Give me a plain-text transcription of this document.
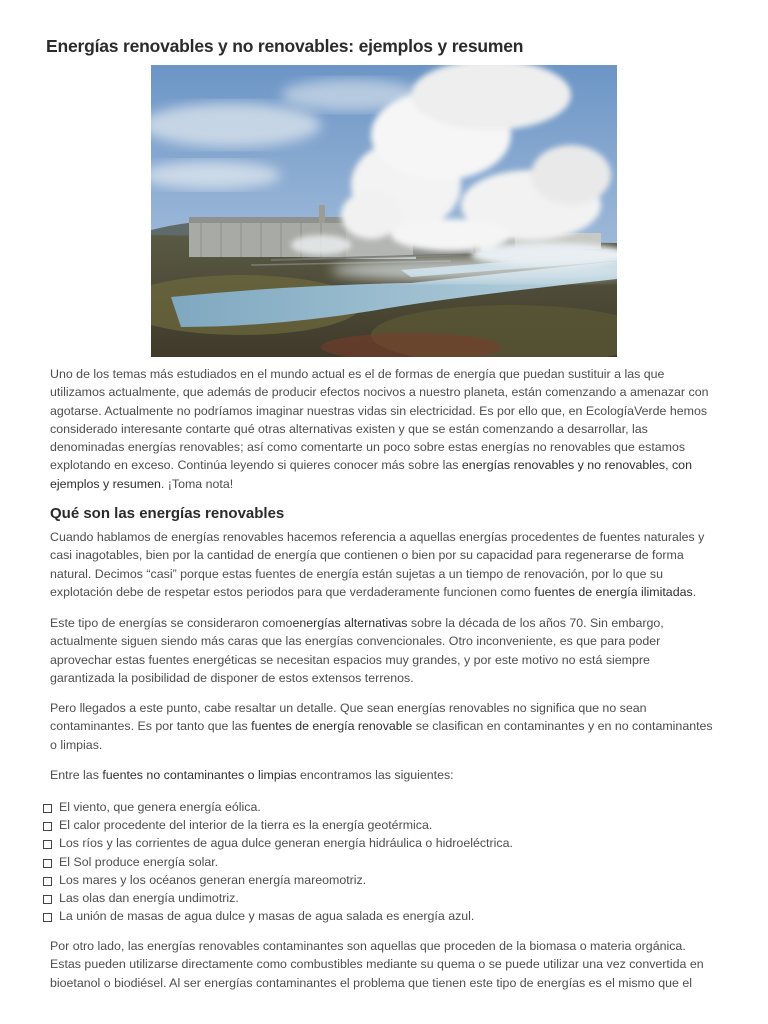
Energías renovables y no renovables: ejemplos y resumen

Uno de los temas más estudiados en el mundo actual es el de formas de energía que puedan sustituir a las que utilizamos actualmente, que además de producir efectos nocivos a nuestro planeta, están comenzando a amenazar con agotarse. Actualmente no podríamos imaginar nuestras vidas sin electricidad. Es por ello que, en EcologíaVerde hemos considerado interesante contarte qué otras alternativas existen y que se están comenzando a desarrollar, las denominadas energías renovables; así como comentarte un poco sobre estas energías no renovables que estamos explotando en exceso. Continúa leyendo si quieres conocer más sobre las energías renovables y no renovables, con ejemplos y resumen. ¡Toma nota!

Qué son las energías renovables

Cuando hablamos de energías renovables hacemos referencia a aquellas energías procedentes de fuentes naturales y casi inagotables, bien por la cantidad de energía que contienen o bien por su capacidad para regenerarse de forma natural. Decimos “casi” porque estas fuentes de energía están sujetas a un tiempo de renovación, por lo que su explotación debe de respetar estos periodos para que verdaderamente funcionen como fuentes de energía ilimitadas.

Este tipo de energías se consideraron comoenergías alternativas sobre la década de los años 70. Sin embargo, actualmente siguen siendo más caras que las energías convencionales. Otro inconveniente, es que para poder aprovechar estas fuentes energéticas se necesitan espacios muy grandes, y por este motivo no está siempre garantizada la posibilidad de disponer de estos extensos terrenos.

Pero llegados a este punto, cabe resaltar un detalle. Que sean energías renovables no significa que no sean contaminantes. Es por tanto que las fuentes de energía renovable se clasifican en contaminantes y en no contaminantes o limpias.

Entre las fuentes no contaminantes o limpias encontramos las siguientes:

El viento, que genera energía eólica.
El calor procedente del interior de la tierra es la energía geotérmica.
Los ríos y las corrientes de agua dulce generan energía hidráulica o hidroeléctrica.
El Sol produce energía solar.
Los mares y los océanos generan energía mareomotriz.
Las olas dan energía undimotriz.
La unión de masas de agua dulce y masas de agua salada es energía azul.

Por otro lado, las energías renovables contaminantes son aquellas que proceden de la biomasa o materia orgánica. Estas pueden utilizarse directamente como combustibles mediante su quema o se puede utilizar una vez convertida en bioetanol o biodiésel. Al ser energías contaminantes el problema que tienen este tipo de energías es el mismo que el
